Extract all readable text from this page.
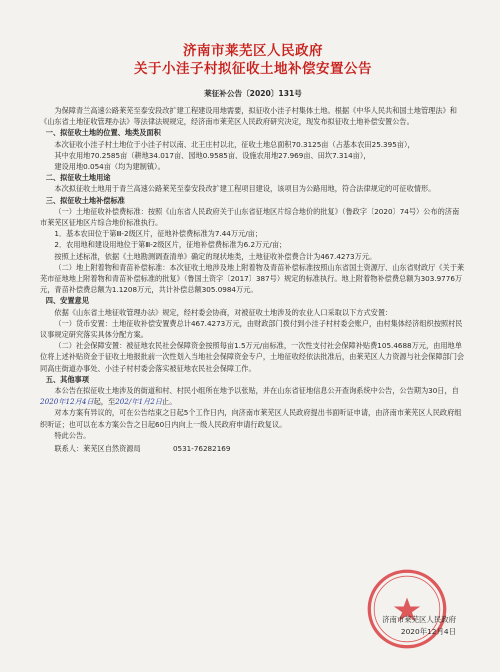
济南市莱芜区人民政府
关于小洼子村拟征收土地补偿安置公告
莱征补公告〔2020〕131号

为保障青兰高速公路莱芜至泰安段改扩建工程建设用地需要，拟征收小洼子村集体土地。根据《中华人民共和国土地管理法》和《山东省土地征收管理办法》等法律法规规定，经济南市莱芜区人民政府研究决定，现发布拟征收土地补偿安置公告。

一、拟征收土地的位置、地类及面积

本次征收小洼子村土地位于小洼子村以南、北王庄村以北，征收土地总面积70.3125亩（占基本农田25.395亩），

其中农用地70.2585亩（耕地34.017亩、园地0.9585亩、设施农用地27.969亩、田坎7.314亩），

建设用地0.054亩（均为建制镇）。

二、拟征收土地用途

本次拟征收土地用于青兰高速公路莱芜至泰安段改扩建工程项目建设，该项目为公路用地，符合法律规定的可征收情形。

三、拟征收土地补偿标准

（一）土地征收补偿费标准：按照《山东省人民政府关于山东省征地区片综合地价的批复》（鲁政字〔2020〕74号）公布的济南市莱芜区征地区片综合地价标准执行。

1．基本农田位于第Ⅲ-2级区片，征地补偿费标准为7.44万元/亩；

2．农用地和建设用地位于第Ⅲ-2级区片，征地补偿费标准为6.2万元/亩；

按照上述标准，依据《土地勘测调查清单》确定的现状地类，土地征收补偿费合计为467.4273万元。

（二）地上附着物和青苗补偿标准：本次征收土地涉及地上附着物及青苗补偿标准按照山东省国土资源厅、山东省财政厅《关于莱芜市征地地上附着物和青苗补偿标准的批复》（鲁国土资字〔2017〕387号）规定的标准执行。地上附着物补偿费总额为303.9776万元，青苗补偿费总额为1.1208万元，共计补偿总额305.0984万元。

四、安置意见

依据《山东省土地征收管理办法》规定，经村委会协商，对被征收土地涉及的农业人口采取以下方式安置：

（一）货币安置：土地征收补偿安置费总计467.4273万元，由财政部门拨付到小洼子村村委会账户，由村集体经济组织按照村民议事规定研究落实具体分配方案。

（二）社会保障安置：被征地农民社会保障资金按照每亩1.5万元/亩标准，一次性支付社会保障补贴费105.4688万元，由用地单位将上述补贴资金于征收土地报批前一次性划入当地社会保障资金专户，土地征收经依法批准后，由莱芜区人力资源与社会保障部门会同高庄街道办事处、小洼子村村委会落实被征地农民社会保障工作。

五、其他事项

本公告在拟征收土地涉及的街道和村、村民小组所在地予以张贴，并在山东省征地信息公开查询系统中公告，公告期为30日，自2020年12月4日起，至202/年1月2日止。

对本方案有异议的，可在公告结束之日起5个工作日内，向济南市莱芜区人民政府提出书面听证申请，由济南市莱芜区人民政府组织听证；也可以在本方案公告之日起60日内向上一级人民政府申请行政复议。

特此公告。

联系人：莱芜区自然资源局	0531-76282169

济南市莱芜区人民政府
2020年12月4日
